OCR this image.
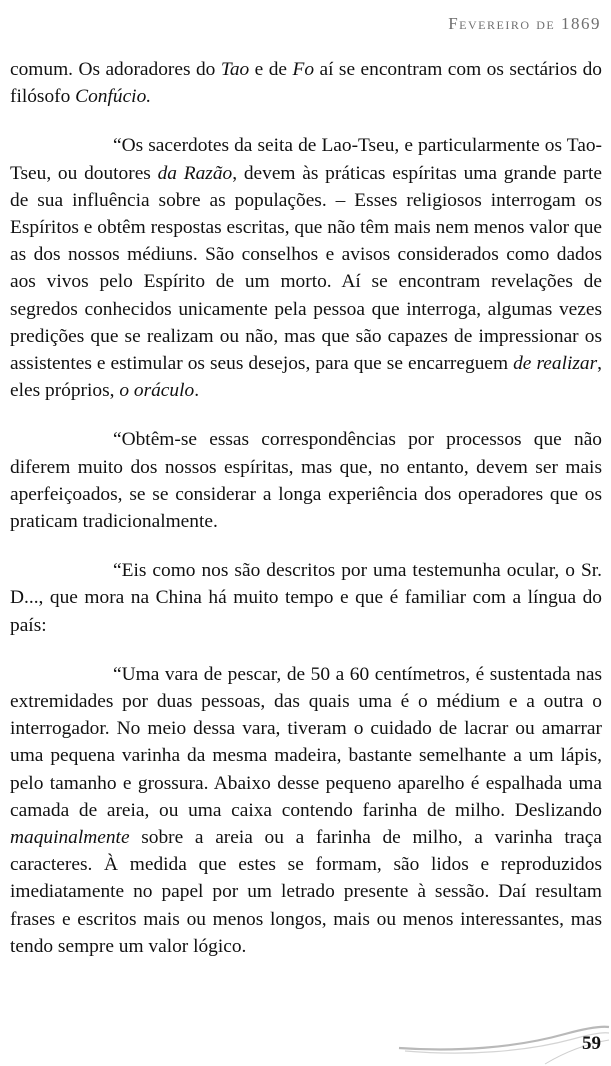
Fevereiro de 1869

comum. Os adoradores do Tao e de Fo aí se encontram com os sectários do filósofo Confúcio.

“Os sacerdotes da seita de Lao-Tseu, e particularmente os Tao-Tseu, ou doutores da Razão, devem às práticas espíritas uma grande parte de sua influência sobre as populações. – Esses religiosos interrogam os Espíritos e obtêm respostas escritas, que não têm mais nem menos valor que as dos nossos médiuns. São conselhos e avisos considerados como dados aos vivos pelo Espírito de um morto. Aí se encontram revelações de segredos conhecidos unicamente pela pessoa que interroga, algumas vezes predições que se realizam ou não, mas que são capazes de impressionar os assistentes e estimular os seus desejos, para que se encarreguem de realizar, eles próprios, o oráculo.

“Obtêm-se essas correspondências por processos que não diferem muito dos nossos espíritas, mas que, no entanto, devem ser mais aperfeiçoados, se se considerar a longa experiência dos operadores que os praticam tradicionalmente.

“Eis como nos são descritos por uma testemunha ocular, o Sr. D..., que mora na China há muito tempo e que é familiar com a língua do país:

“Uma vara de pescar, de 50 a 60 centímetros, é sustentada nas extremidades por duas pessoas, das quais uma é o médium e a outra o interrogador. No meio dessa vara, tiveram o cuidado de lacrar ou amarrar uma pequena varinha da mesma madeira, bastante semelhante a um lápis, pelo tamanho e grossura. Abaixo desse pequeno aparelho é espalhada uma camada de areia, ou uma caixa contendo farinha de milho. Deslizando maquinalmente sobre a areia ou a farinha de milho, a varinha traça caracteres. À medida que estes se formam, são lidos e reproduzidos imediatamente no papel por um letrado presente à sessão. Daí resultam frases e escritos mais ou menos longos, mais ou menos interessantes, mas tendo sempre um valor lógico.

59
